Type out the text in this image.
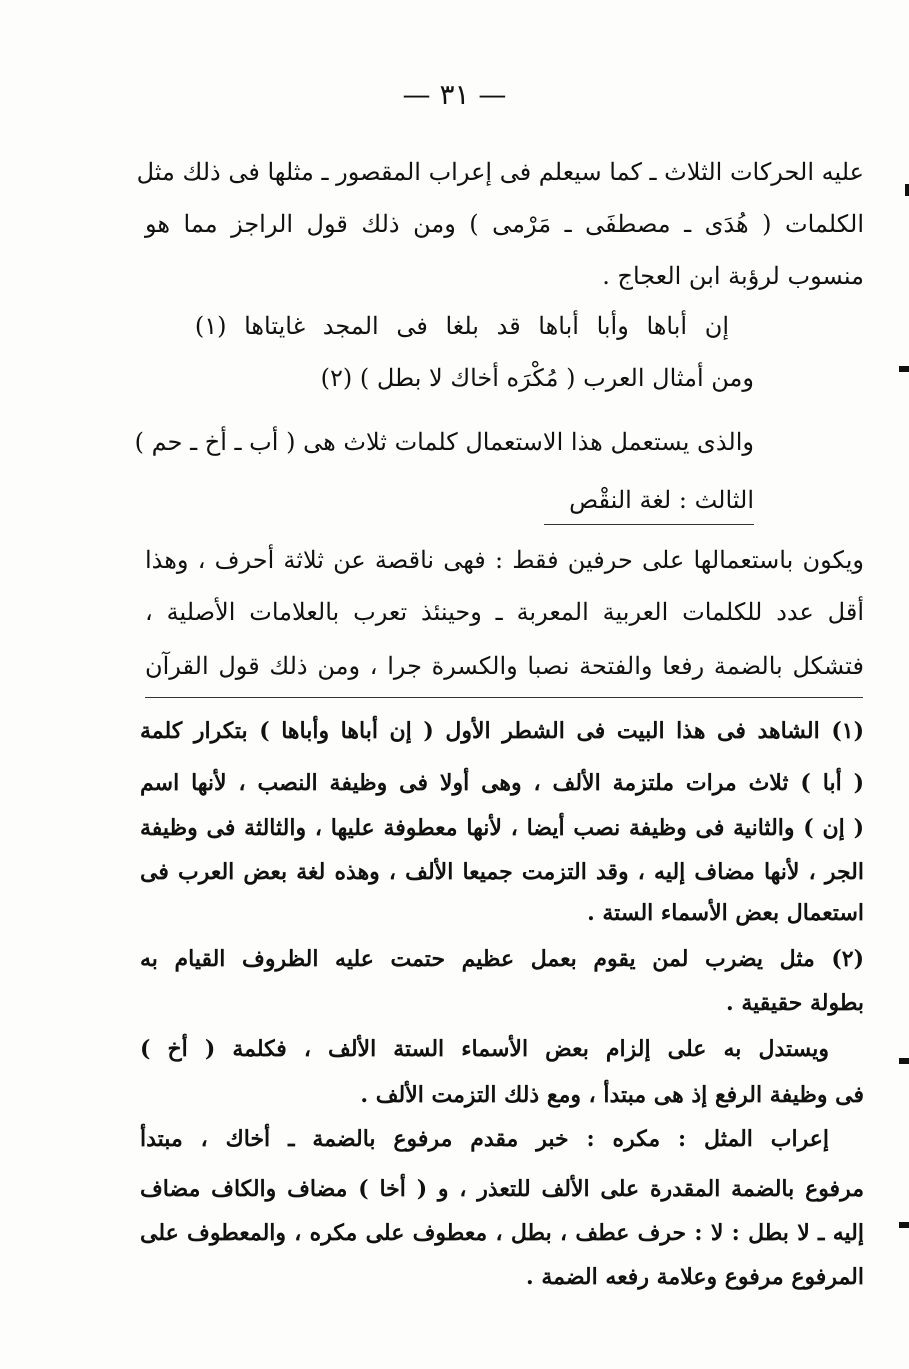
— ٣١ —
عليه الحركات الثلاث ـ كما سيعلم فى إعراب المقصور ـ مثلها فى ذلك مثل
الكلمات ( هُدَى ـ مصطفَى ـ مَرْمى ) ومن ذلك قول الراجز مما هو
منسوب لرؤبة ابن العجاج .
إن أباها وأبا أباها قد بلغا فى المجد غايتاها (١)
ومن أمثال العرب ( مُكْرَه أخاك لا بطل ) (٢)
والذى يستعمل هذا الاستعمال كلمات ثلاث هى ( أب ـ أخ ـ حم )
الثالث : لغة النقْص
ويكون باستعمالها على حرفين فقط : فهى ناقصة عن ثلاثة أحرف ، وهذا
أقل عدد للكلمات العربية المعربة ـ وحينئذ تعرب بالعلامات الأصلية ،
فتشكل بالضمة رفعا والفتحة نصبا والكسرة جرا ، ومن ذلك قول القرآن
(١) الشاهد فى هذا البيت فى الشطر الأول ( إن أباها وأباها ) بتكرار كلمة
( أبا ) ثلاث مرات ملتزمة الألف ، وهى أولا فى وظيفة النصب ، لأنها اسم
( إن ) والثانية فى وظيفة نصب أيضا ، لأنها معطوفة عليها ، والثالثة فى وظيفة
الجر ، لأنها مضاف إليه ، وقد التزمت جميعا الألف ، وهذه لغة بعض العرب فى
استعمال بعض الأسماء الستة .
(٢) مثل يضرب لمن يقوم بعمل عظيم حتمت عليه الظروف القيام به
بطولة حقيقية .
ويستدل به على إلزام بعض الأسماء الستة الألف ، فكلمة ( أخ )
فى وظيفة الرفع إذ هى مبتدأ ، ومع ذلك التزمت الألف .
إعراب المثل : مكره : خبر مقدم مرفوع بالضمة ـ أخاك ، مبتدأ
مرفوع بالضمة المقدرة على الألف للتعذر ، و ( أخا ) مضاف والكاف مضاف
إليه ـ لا بطل : لا : حرف عطف ، بطل ، معطوف على مكره ، والمعطوف على
المرفوع مرفوع وعلامة رفعه الضمة .
